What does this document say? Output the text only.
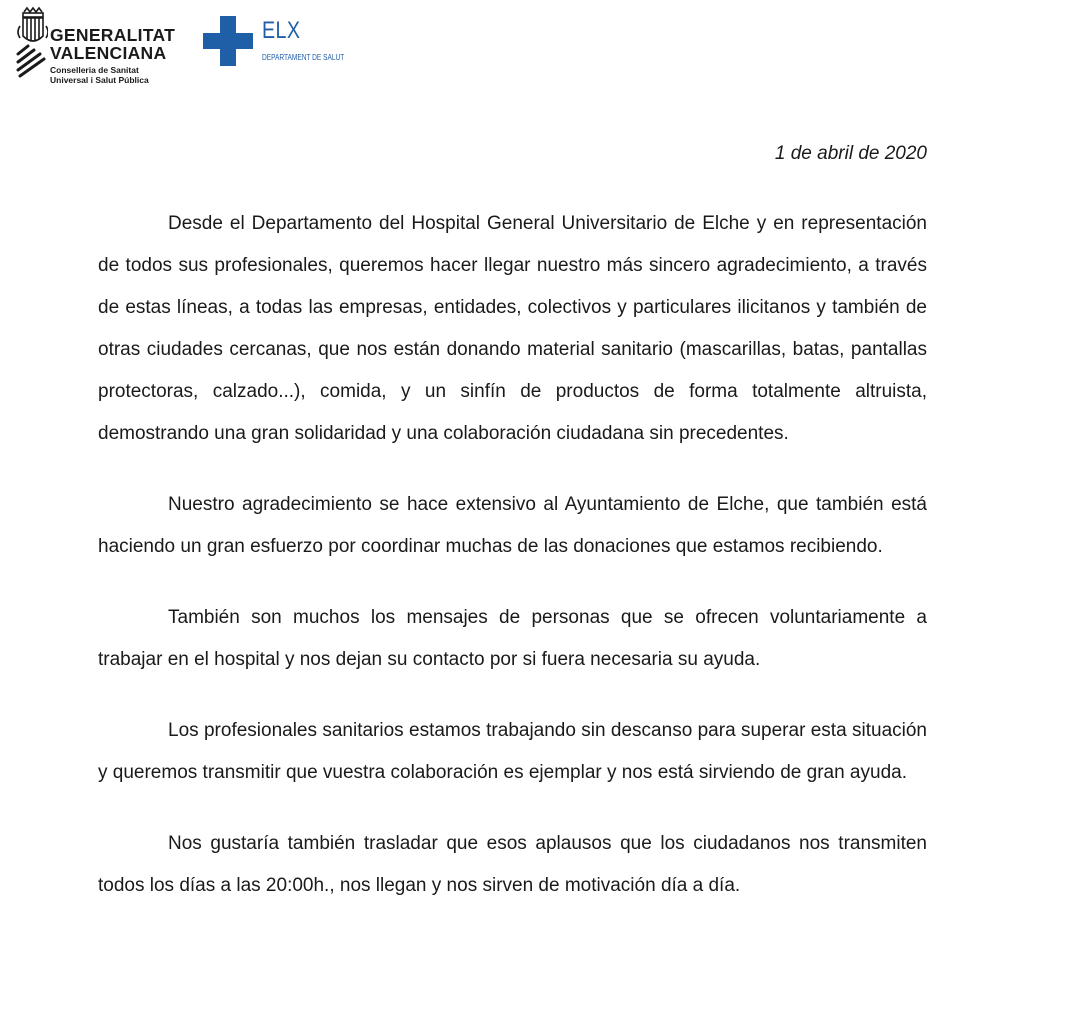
GENERALITAT
VALENCIANA
Conselleria de Sanitat
Universal i Salut Pública
ELX
DEPARTAMENT DE SALUT
1 de abril de 2020

Desde el Departamento del Hospital General Universitario de Elche y en representación de todos sus profesionales, queremos hacer llegar nuestro más sincero agradecimiento, a través de estas líneas, a todas las empresas, entidades, colectivos y particulares ilicitanos y también de otras ciudades cercanas, que nos están donando material sanitario (mascarillas, batas, pantallas protectoras, calzado...), comida, y un sinfín de productos de forma totalmente altruista, demostrando una gran solidaridad y una colaboración ciudadana sin precedentes.

Nuestro agradecimiento se hace extensivo al Ayuntamiento de Elche, que también está haciendo un gran esfuerzo por coordinar muchas de las donaciones que estamos recibiendo.

También son muchos los mensajes de personas que se ofrecen voluntariamente a trabajar en el hospital y nos dejan su contacto por si fuera necesaria su ayuda.

Los profesionales sanitarios estamos trabajando sin descanso para superar esta situación y queremos transmitir que vuestra colaboración es ejemplar y nos está sirviendo de gran ayuda.

Nos gustaría también trasladar que esos aplausos que los ciudadanos nos transmiten todos los días a las 20:00h., nos llegan y nos sirven de motivación día a día.
